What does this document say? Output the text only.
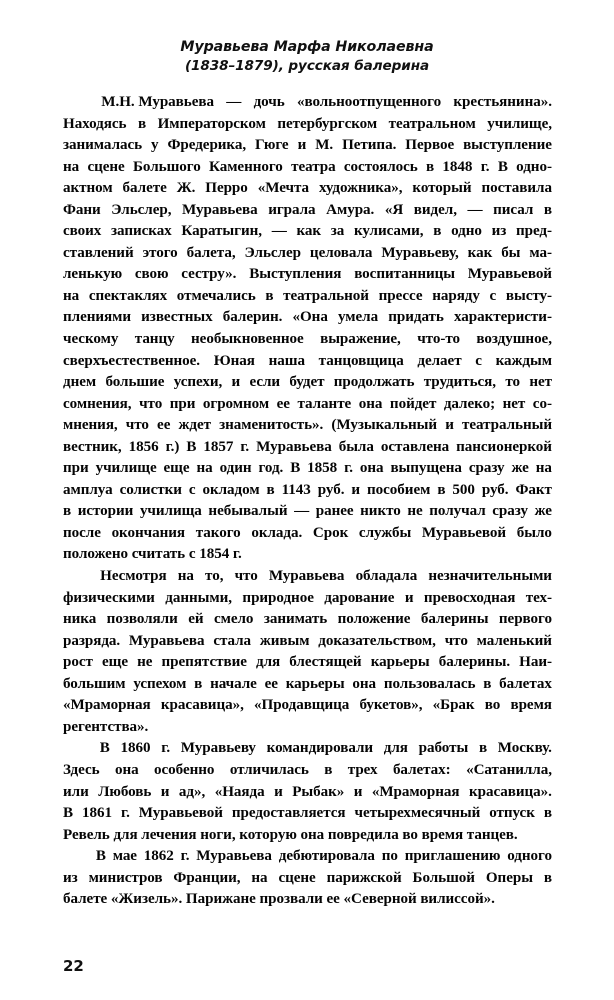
Муравьева Марфа Николаевна
(1838–1879), русская балерина

М.Н. Муравьева — дочь «вольноотпущенного крестьянина».
Находясь в Императорском петербургском театральном училище,
занималась у Фредерика, Гюге и М. Петипа. Первое выступление
на сцене Большого Каменного театра состоялось в 1848 г. В одно-
актном балете Ж. Перро «Мечта художника», который поставила
Фани Эльслер, Муравьева играла Амура. «Я видел, — писал в
своих записках Каратыгин, — как за кулисами, в одно из пред-
ставлений этого балета, Эльслер целовала Муравьеву, как бы ма-
ленькую свою сестру». Выступления воспитанницы Муравьевой
на спектаклях отмечались в театральной прессе наряду с высту-
плениями известных балерин. «Она умела придать характеристи-
ческому танцу необыкновенное выражение, что-то воздушное,
сверхъестественное. Юная наша танцовщица делает с каждым
днем большие успехи, и если будет продолжать трудиться, то нет
сомнения, что при огромном ее таланте она пойдет далеко; нет со-
мнения, что ее ждет знаменитость». (Музыкальный и театральный
вестник, 1856 г.) В 1857 г. Муравьева была оставлена пансионеркой
при училище еще на один год. В 1858 г. она выпущена сразу же на
амплуа солистки с окладом в 1143 руб. и пособием в 500 руб. Факт
в истории училища небывалый — ранее никто не получал сразу же
после окончания такого оклада. Срок службы Муравьевой было
положено считать с 1854 г.

Несмотря на то, что Муравьева обладала незначительными
физическими данными, природное дарование и превосходная тех-
ника позволяли ей смело занимать положение балерины первого
разряда. Муравьева стала живым доказательством, что маленький
рост еще не препятствие для блестящей карьеры балерины. Наи-
большим успехом в начале ее карьеры она пользовалась в балетах
«Мраморная красавица», «Продавщица букетов», «Брак во время
регентства».

В 1860 г. Муравьеву командировали для работы в Москву.
Здесь она особенно отличилась в трех балетах: «Сатанилла,
или Любовь и ад», «Наяда и Рыбак» и «Мраморная красавица».
В 1861 г. Муравьевой предоставляется четырехмесячный отпуск в
Ревель для лечения ноги, которую она повредила во время танцев.

В мае 1862 г. Муравьева дебютировала по приглашению одного
из министров Франции, на сцене парижской Большой Оперы в
балете «Жизель». Парижане прозвали ее «Северной вилиссой».

22
